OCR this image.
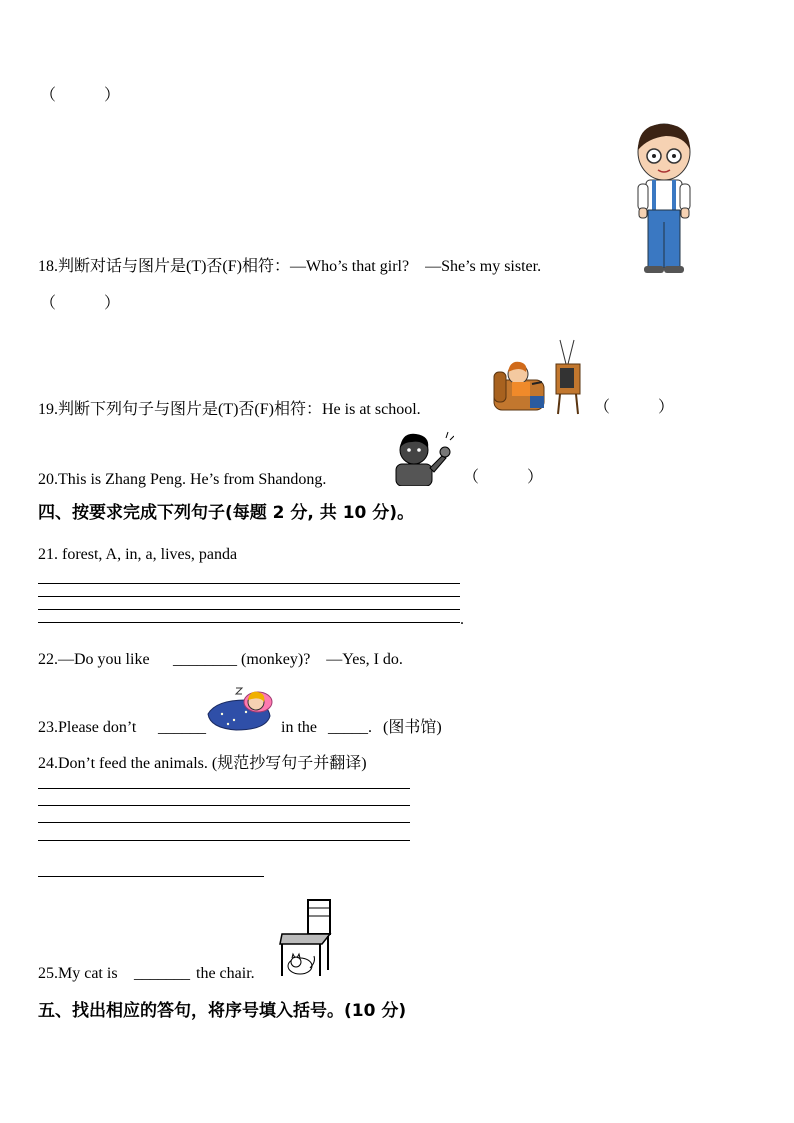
（　　　）
18.判断对话与图片是(T)否(F)相符：—Who’s that girl?　—She’s my sister.
（　　　）
19.判断下列句子与图片是(T)否(F)相符：He is at school.	（　　　）
20.This is Zhang Peng. He’s from Shandong.	（　　　）
四、按要求完成下列句子(每题 2 分, 共 10 分)。
21. forest, A, in, a, lives, panda
.
22.—Do you like ________ (monkey)?　—Yes, I do.
23.Please don’t ______	in the _____. (图书馆)
24.Don’t feed the animals. (规范抄写句子并翻译)
25.My cat is _______ the chair.
五、找出相应的答句，将序号填入括号。(10 分)
